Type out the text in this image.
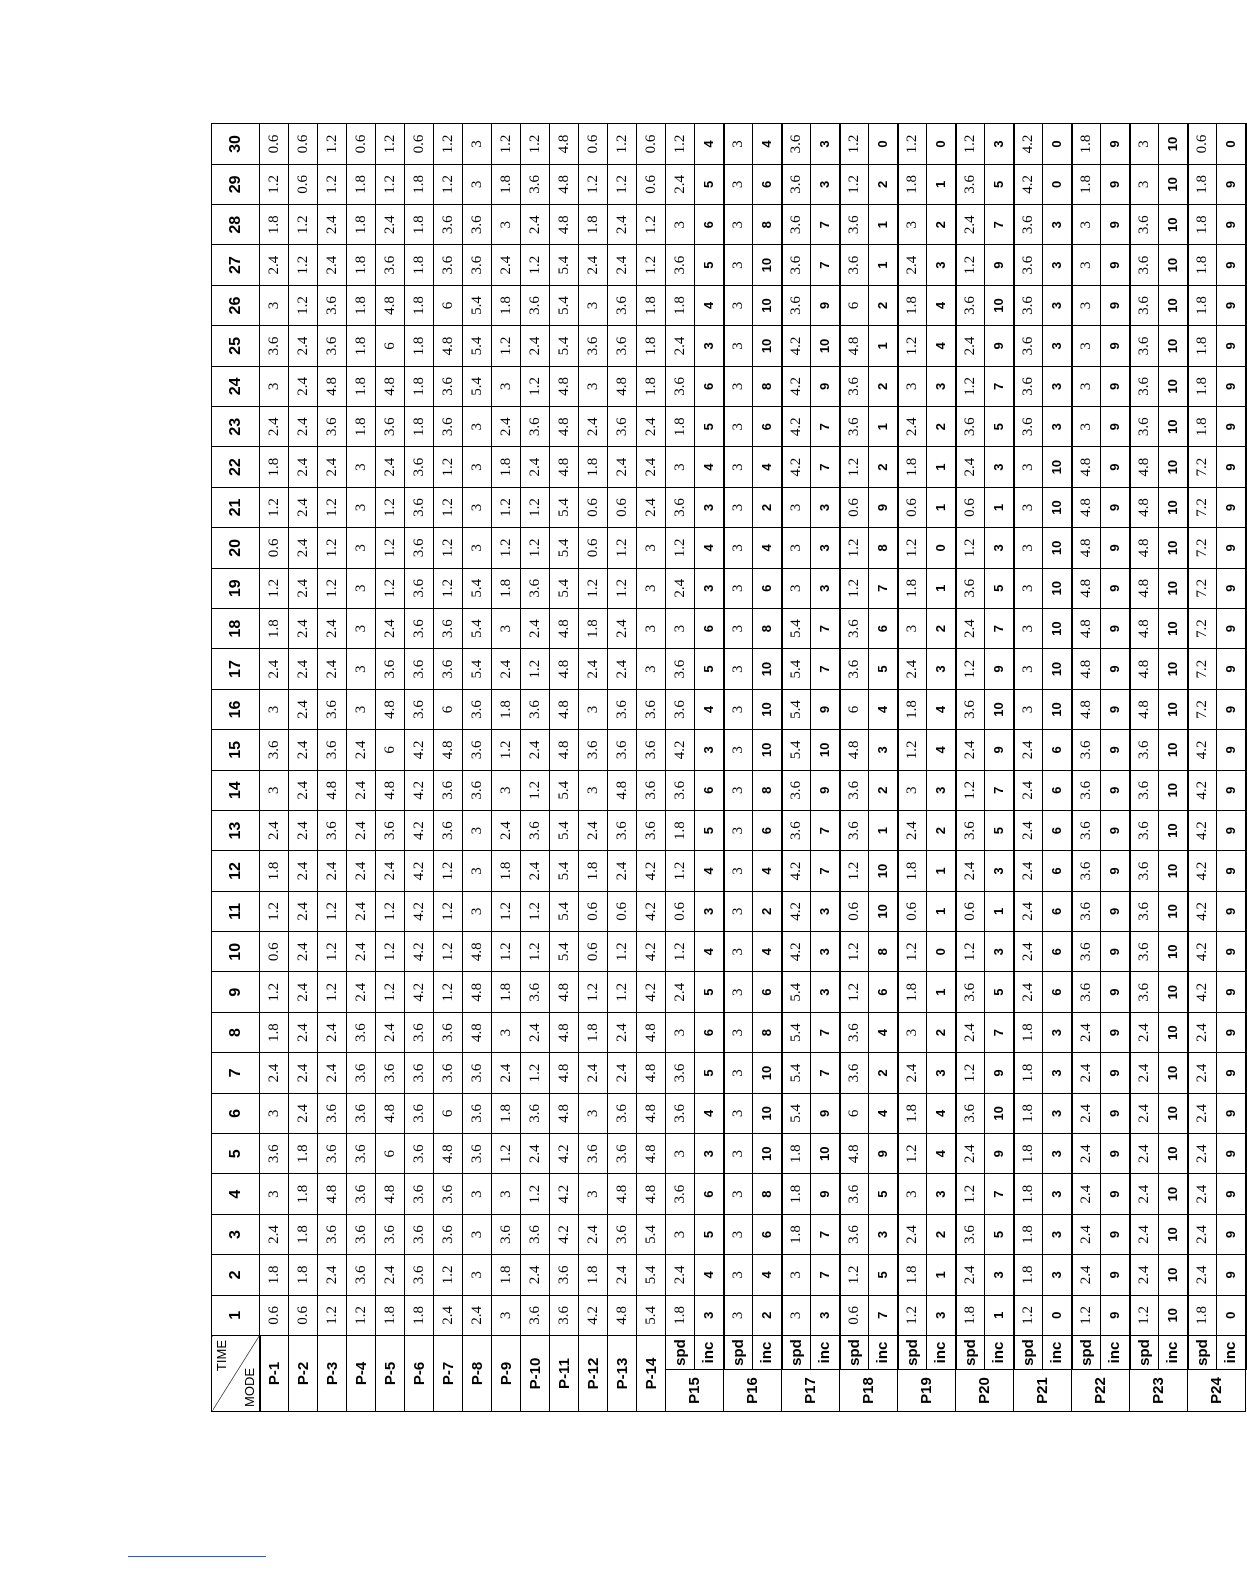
TIME
MODE		1	2	3	4	5	6	7	8	9	10	11	12	13	14	15	16	17	18	19	20	21	22	23	24	25	26	27	28	29	30
P-1		0.6	1.8	2.4	3	3.6	3	2.4	1.8	1.2	0.6	1.2	1.8	2.4	3	3.6	3	2.4	1.8	1.2	0.6	1.2	1.8	2.4	3	3.6	3	2.4	1.8	1.2	0.6
P-2		0.6	1.8	1.8	1.8	1.8	2.4	2.4	2.4	2.4	2.4	2.4	2.4	2.4	2.4	2.4	2.4	2.4	2.4	2.4	2.4	2.4	2.4	2.4	2.4	2.4	1.2	1.2	1.2	0.6	0.6
P-3		1.2	2.4	3.6	4.8	3.6	3.6	2.4	2.4	1.2	1.2	1.2	2.4	3.6	4.8	3.6	3.6	2.4	2.4	1.2	1.2	1.2	2.4	3.6	4.8	3.6	3.6	2.4	2.4	1.2	1.2
P-4		1.2	3.6	3.6	3.6	3.6	3.6	3.6	3.6	2.4	2.4	2.4	2.4	2.4	2.4	2.4	3	3	3	3	3	3	3	1.8	1.8	1.8	1.8	1.8	1.8	1.8	0.6
P-5		1.8	2.4	3.6	4.8	6	4.8	3.6	2.4	1.2	1.2	1.2	2.4	3.6	4.8	6	4.8	3.6	2.4	1.2	1.2	1.2	2.4	3.6	4.8	6	4.8	3.6	2.4	1.2	1.2
P-6		1.8	3.6	3.6	3.6	3.6	3.6	3.6	3.6	4.2	4.2	4.2	4.2	4.2	4.2	4.2	3.6	3.6	3.6	3.6	3.6	3.6	3.6	1.8	1.8	1.8	1.8	1.8	1.8	1.8	0.6
P-7		2.4	1.2	3.6	3.6	4.8	6	3.6	3.6	1.2	1.2	1.2	1.2	3.6	3.6	4.8	6	3.6	3.6	1.2	1.2	1.2	1.2	3.6	3.6	4.8	6	3.6	3.6	1.2	1.2
P-8		2.4	3	3	3	3.6	3.6	3.6	4.8	4.8	4.8	3	3	3	3.6	3.6	3.6	5.4	5.4	5.4	3	3	3	3	5.4	5.4	5.4	3.6	3.6	3	3
P-9		3	1.8	3.6	3	1.2	1.8	2.4	3	1.8	1.2	1.2	1.8	2.4	3	1.2	1.8	2.4	3	1.8	1.2	1.2	1.8	2.4	3	1.2	1.8	2.4	3	1.8	1.2
P-10		3.6	2.4	3.6	1.2	2.4	3.6	1.2	2.4	3.6	1.2	1.2	2.4	3.6	1.2	2.4	3.6	1.2	2.4	3.6	1.2	1.2	2.4	3.6	1.2	2.4	3.6	1.2	2.4	3.6	1.2
P-11		3.6	3.6	4.2	4.2	4.2	4.8	4.8	4.8	4.8	5.4	5.4	5.4	5.4	5.4	4.8	4.8	4.8	4.8	5.4	5.4	5.4	4.8	4.8	4.8	5.4	5.4	5.4	4.8	4.8	4.8
P-12		4.2	1.8	2.4	3	3.6	3	2.4	1.8	1.2	0.6	0.6	1.8	2.4	3	3.6	3	2.4	1.8	1.2	0.6	0.6	1.8	2.4	3	3.6	3	2.4	1.8	1.2	0.6
P-13		4.8	2.4	3.6	4.8	3.6	3.6	2.4	2.4	1.2	1.2	0.6	2.4	3.6	4.8	3.6	3.6	2.4	2.4	1.2	1.2	0.6	2.4	3.6	4.8	3.6	3.6	2.4	2.4	1.2	1.2
P-14		5.4	5.4	5.4	4.8	4.8	4.8	4.8	4.8	4.2	4.2	4.2	4.2	3.6	3.6	3.6	3.6	3	3	3	3	2.4	2.4	2.4	1.8	1.8	1.8	1.2	1.2	0.6	0.6
P15	spd	1.8	2.4	3	3.6	3	3.6	3.6	3	2.4	1.2	0.6	1.2	1.8	3.6	4.2	3.6	3.6	3	2.4	1.2	3.6	3	1.8	3.6	2.4	1.8	3.6	3	2.4	1.2
	inc	3	4	5	6	3	4	5	6	5	4	3	4	5	6	3	4	5	6	3	4	3	4	5	6	3	4	5	6	5	4
P16	spd	3	3	3	3	3	3	3	3	3	3	3	3	3	3	3	3	3	3	3	3	3	3	3	3	3	3	3	3	3	3
	inc	2	4	6	8	10	10	10	8	6	4	2	4	6	8	10	10	10	8	6	4	2	4	6	8	10	10	10	8	6	4
P17	spd	3	3	1.8	1.8	1.8	5.4	5.4	5.4	5.4	4.2	4.2	4.2	3.6	3.6	5.4	5.4	5.4	5.4	3	3	3	4.2	4.2	4.2	4.2	3.6	3.6	3.6	3.6	3.6
	inc	3	7	7	9	10	9	7	7	3	3	3	7	7	9	10	9	7	7	3	3	3	7	7	9	10	9	7	7	3	3
P18	spd	0.6	1.2	3.6	3.6	4.8	6	3.6	3.6	1.2	1.2	0.6	1.2	3.6	3.6	4.8	6	3.6	3.6	1.2	1.2	0.6	1.2	3.6	3.6	4.8	6	3.6	3.6	1.2	1.2
	inc	7	5	3	5	9	4	2	4	6	8	10	10	1	2	3	4	5	6	7	8	9	2	1	2	1	2	1	1	2	0
P19	spd	1.2	1.8	2.4	3	1.2	1.8	2.4	3	1.8	1.2	0.6	1.8	2.4	3	1.2	1.8	2.4	3	1.8	1.2	0.6	1.8	2.4	3	1.2	1.8	2.4	3	1.8	1.2
	inc	3	1	2	3	4	4	3	2	1	0	1	1	2	3	4	4	3	2	1	0	1	1	2	3	4	4	3	2	1	0
P20	spd	1.8	2.4	3.6	1.2	2.4	3.6	1.2	2.4	3.6	1.2	0.6	2.4	3.6	1.2	2.4	3.6	1.2	2.4	3.6	1.2	0.6	2.4	3.6	1.2	2.4	3.6	1.2	2.4	3.6	1.2
	inc	1	3	5	7	9	10	9	7	5	3	1	3	5	7	9	10	9	7	5	3	1	3	5	7	9	10	9	7	5	3
P21	spd	1.2	1.8	1.8	1.8	1.8	1.8	1.8	1.8	2.4	2.4	2.4	2.4	2.4	2.4	2.4	3	3	3	3	3	3	3	3.6	3.6	3.6	3.6	3.6	3.6	4.2	4.2
	inc	0	3	3	3	3	3	3	3	6	6	6	6	6	6	6	10	10	10	10	10	10	10	3	3	3	3	3	3	0	0
P22	spd	1.2	2.4	2.4	2.4	2.4	2.4	2.4	2.4	3.6	3.6	3.6	3.6	3.6	3.6	3.6	4.8	4.8	4.8	4.8	4.8	4.8	4.8	3	3	3	3	3	3	1.8	1.8
	inc	9	9	9	9	9	9	9	9	9	9	9	9	9	9	9	9	9	9	9	9	9	9	9	9	9	9	9	9	9	9
P23	spd	1.2	2.4	2.4	2.4	2.4	2.4	2.4	2.4	3.6	3.6	3.6	3.6	3.6	3.6	3.6	4.8	4.8	4.8	4.8	4.8	4.8	4.8	3.6	3.6	3.6	3.6	3.6	3.6	3	3
	inc	10	10	10	10	10	10	10	10	10	10	10	10	10	10	10	10	10	10	10	10	10	10	10	10	10	10	10	10	10	10
P24	spd	1.8	2.4	2.4	2.4	2.4	2.4	2.4	2.4	4.2	4.2	4.2	4.2	4.2	4.2	4.2	7.2	7.2	7.2	7.2	7.2	7.2	7.2	1.8	1.8	1.8	1.8	1.8	1.8	1.8	0.6
	inc	0	9	9	9	9	9	9	9	9	9	9	9	9	9	9	9	9	9	9	9	9	9	9	9	9	9	9	9	9	0
